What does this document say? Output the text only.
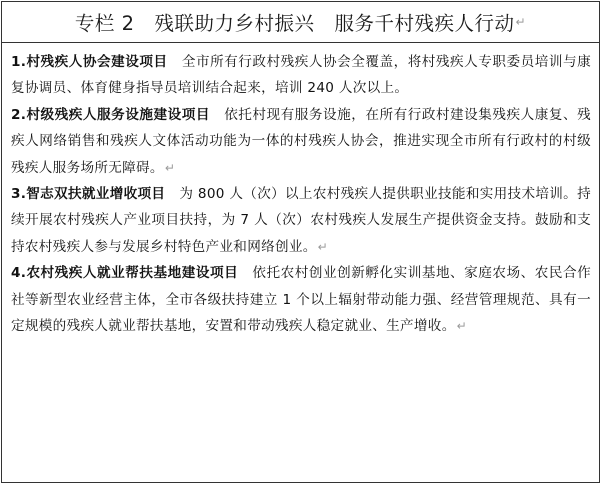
专栏 2　残联助力乡村振兴 服务千村残疾人行动 ↵

1.村残疾人协会建设项目 全市所有行政村残疾人协会全覆盖，将村残疾人专职委员培训与康复协调员、体育健身指导员培训结合起来，培训 240 人次以上。

2.村级残疾人服务设施建设项目 依托村现有服务设施，在所有行政村建设集残疾人康复、残疾人网络销售和残疾人文体活动功能为一体的村残疾人协会，推进实现全市所有行政村的村级残疾人服务场所无障碍。↵

3.智志双扶就业增收项目 为 800 人（次）以上农村残疾人提供职业技能和实用技术培训。持续开展农村残疾人产业项目扶持，为 7 人（次）农村残疾人发展生产提供资金支持。鼓励和支持农村残疾人参与发展乡村特色产业和网络创业。↵

4.农村残疾人就业帮扶基地建设项目 依托农村创业创新孵化实训基地、家庭农场、农民合作社等新型农业经营主体，全市各级扶持建立 1 个以上辐射带动能力强、经营管理规范、具有一定规模的残疾人就业帮扶基地，安置和带动残疾人稳定就业、生产增收。↵
